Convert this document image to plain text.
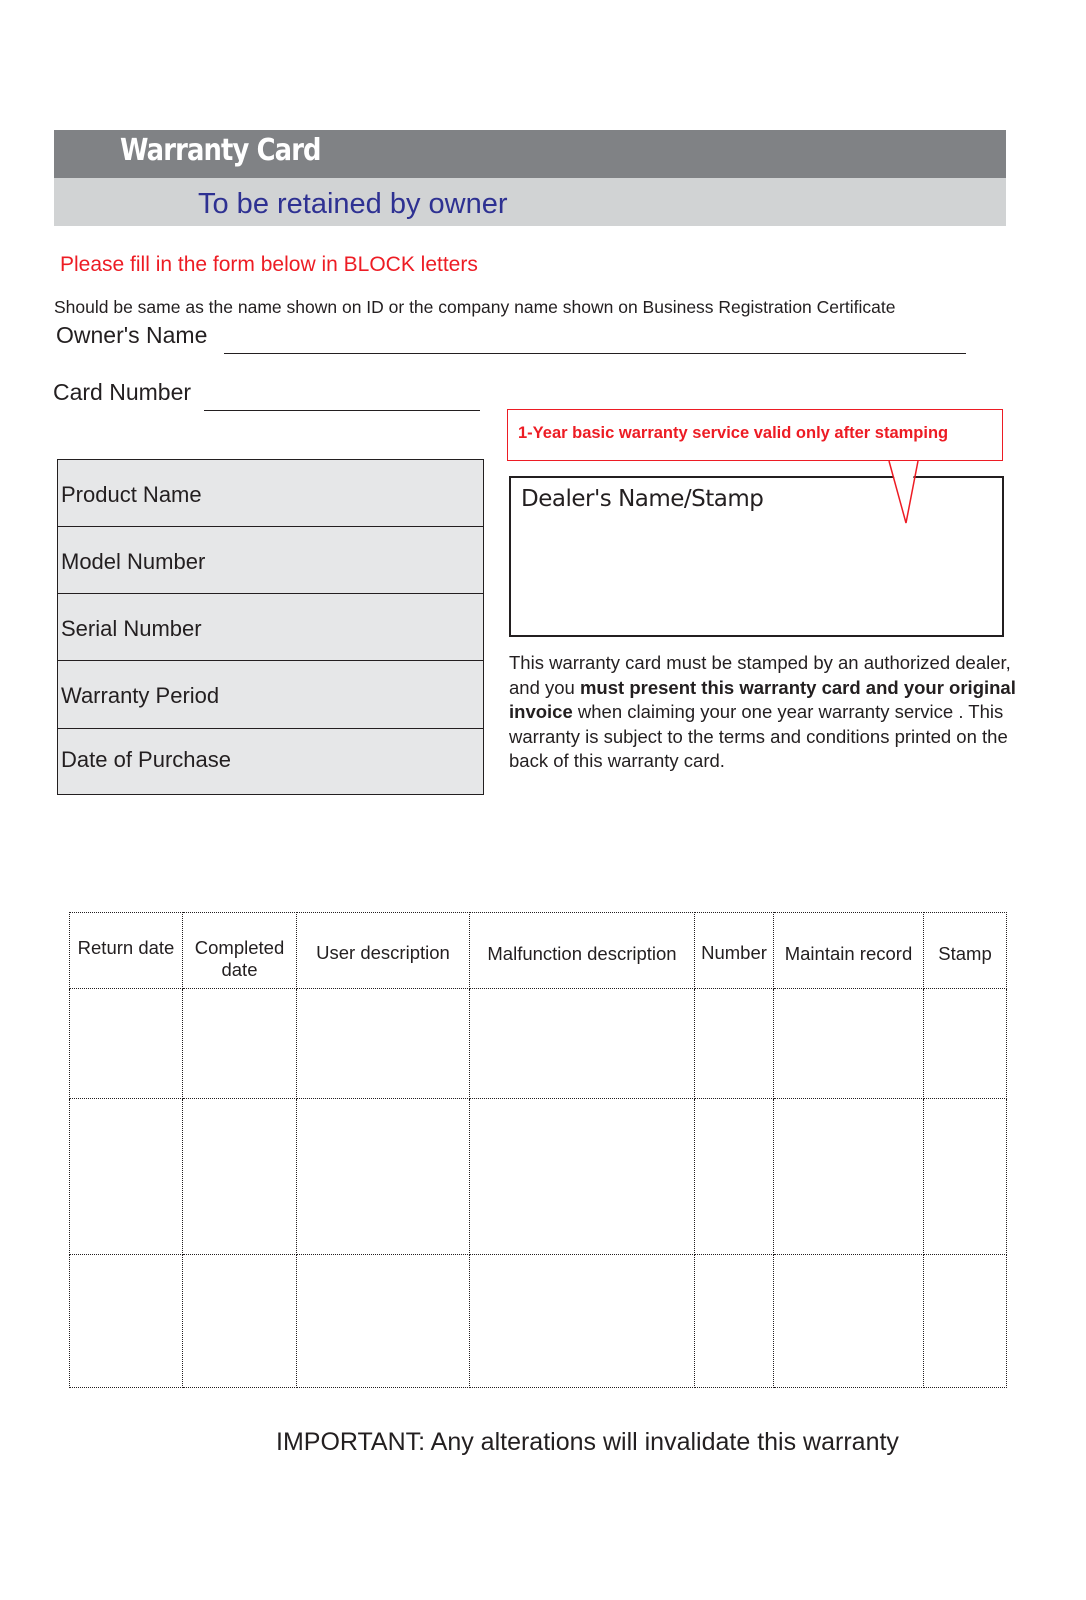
Warranty Card
To be retained by owner
Please fill in the form below in BLOCK letters
Should be same as the name shown on ID or the company name shown on Business Registration Certificate
Owner's Name
Card Number
Product Name
Model Number
Serial Number
Warranty Period
Date of Purchase
1-Year basic warranty service valid only after stamping
Dealer's Name/Stamp
This warranty card must be stamped by an authorized dealer, and you must present this warranty card and your original invoice when claiming your one year warranty service . This warranty is subject to the terms and conditions printed on the back of this warranty card.
Return date	Completed date	User description	Malfunction description	Number	Maintain record	Stamp

IMPORTANT: Any alterations will invalidate this warranty
